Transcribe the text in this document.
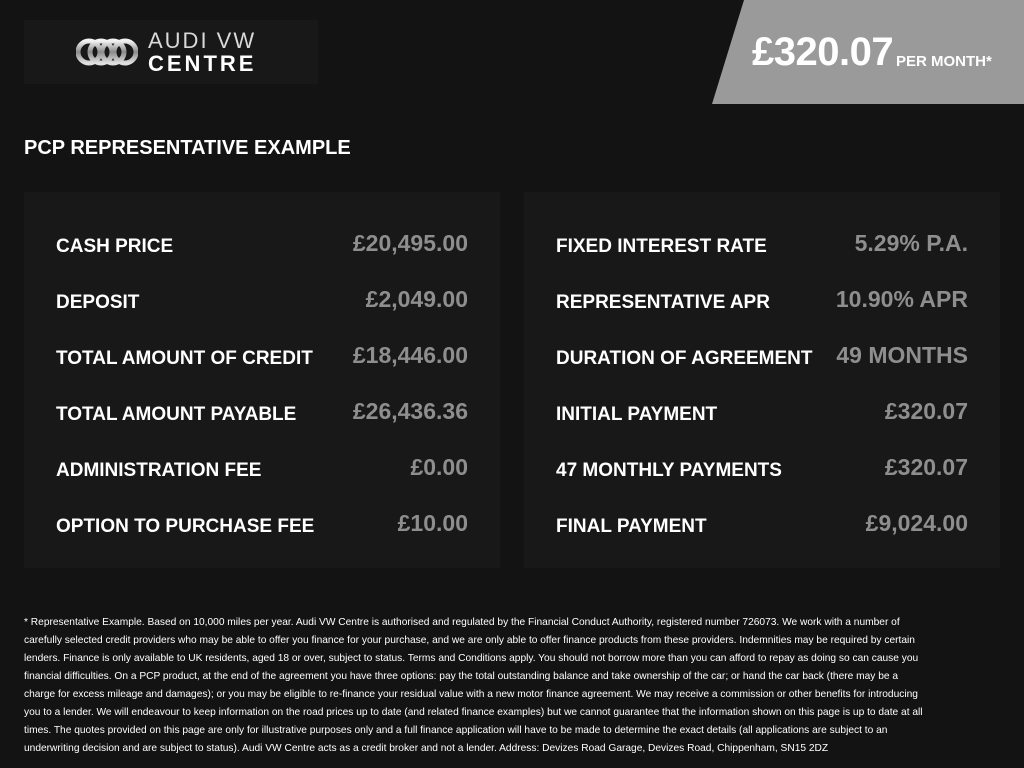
AUDI VW
CENTRE	£320.07 PER MONTH*
PCP REPRESENTATIVE EXAMPLE
CASH PRICE	£20,495.00
DEPOSIT	£2,049.00
TOTAL AMOUNT OF CREDIT £18,446.00
TOTAL AMOUNT PAYABLE £26,436.36
ADMINISTRATION FEE	£0.00
OPTION TO PURCHASE FEE	£10.00
FIXED INTEREST RATE	5.29% P.A.
REPRESENTATIVE APR	10.90% APR
DURATION OF AGREEMENT 49 MONTHS
INITIAL PAYMENT	£320.07
47 MONTHLY PAYMENTS	£320.07
FINAL PAYMENT	£9,024.00
* Representative Example. Based on 10,000 miles per year. Audi VW Centre is authorised and regulated by the Financial Conduct Authority, registered number 726073. We work with a number of carefully selected credit providers who may be able to offer you finance for your purchase, and we are only able to offer finance products from these providers. Indemnities may be required by certain lenders. Finance is only available to UK residents, aged 18 or over, subject to status. Terms and Conditions apply. You should not borrow more than you can afford to repay as doing so can cause you financial difficulties. On a PCP product, at the end of the agreement you have three options: pay the total outstanding balance and take ownership of the car; or hand the car back (there may be a charge for excess mileage and damages); or you may be eligible to re-finance your residual value with a new motor finance agreement. We may receive a commission or other benefits for introducing you to a lender. We will endeavour to keep information on the road prices up to date (and related finance examples) but we cannot guarantee that the information shown on this page is up to date at all times. The quotes provided on this page are only for illustrative purposes only and a full finance application will have to be made to determine the exact details (all applications are subject to an underwriting decision and are subject to status). Audi VW Centre acts as a credit broker and not a lender. Address: Devizes Road Garage, Devizes Road, Chippenham, SN15 2DZ
